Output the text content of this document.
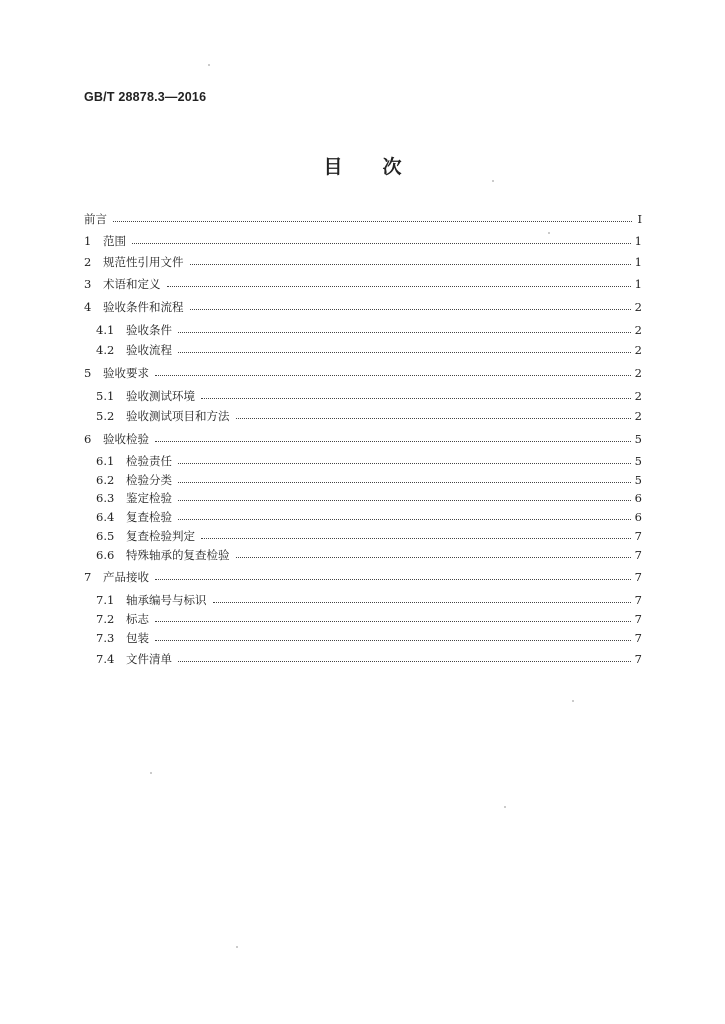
GB/T 28878.3—2016
目次
前言	Ⅰ
1	范围	1
2	规范性引用文件	1
3	术语和定义	1
4	验收条件和流程	2
4.1	验收条件	2
4.2	验收流程	2
5	验收要求	2
5.1	验收测试环境	2
5.2	验收测试项目和方法	2
6	验收检验	5
6.1	检验责任	5
6.2	检验分类	5
6.3	鉴定检验	6
6.4	复查检验	6
6.5	复查检验判定	7
6.6	特殊轴承的复查检验	7
7	产品接收	7
7.1	轴承编号与标识	7
7.2	标志	7
7.3	包装	7
7.4	文件清单	7
